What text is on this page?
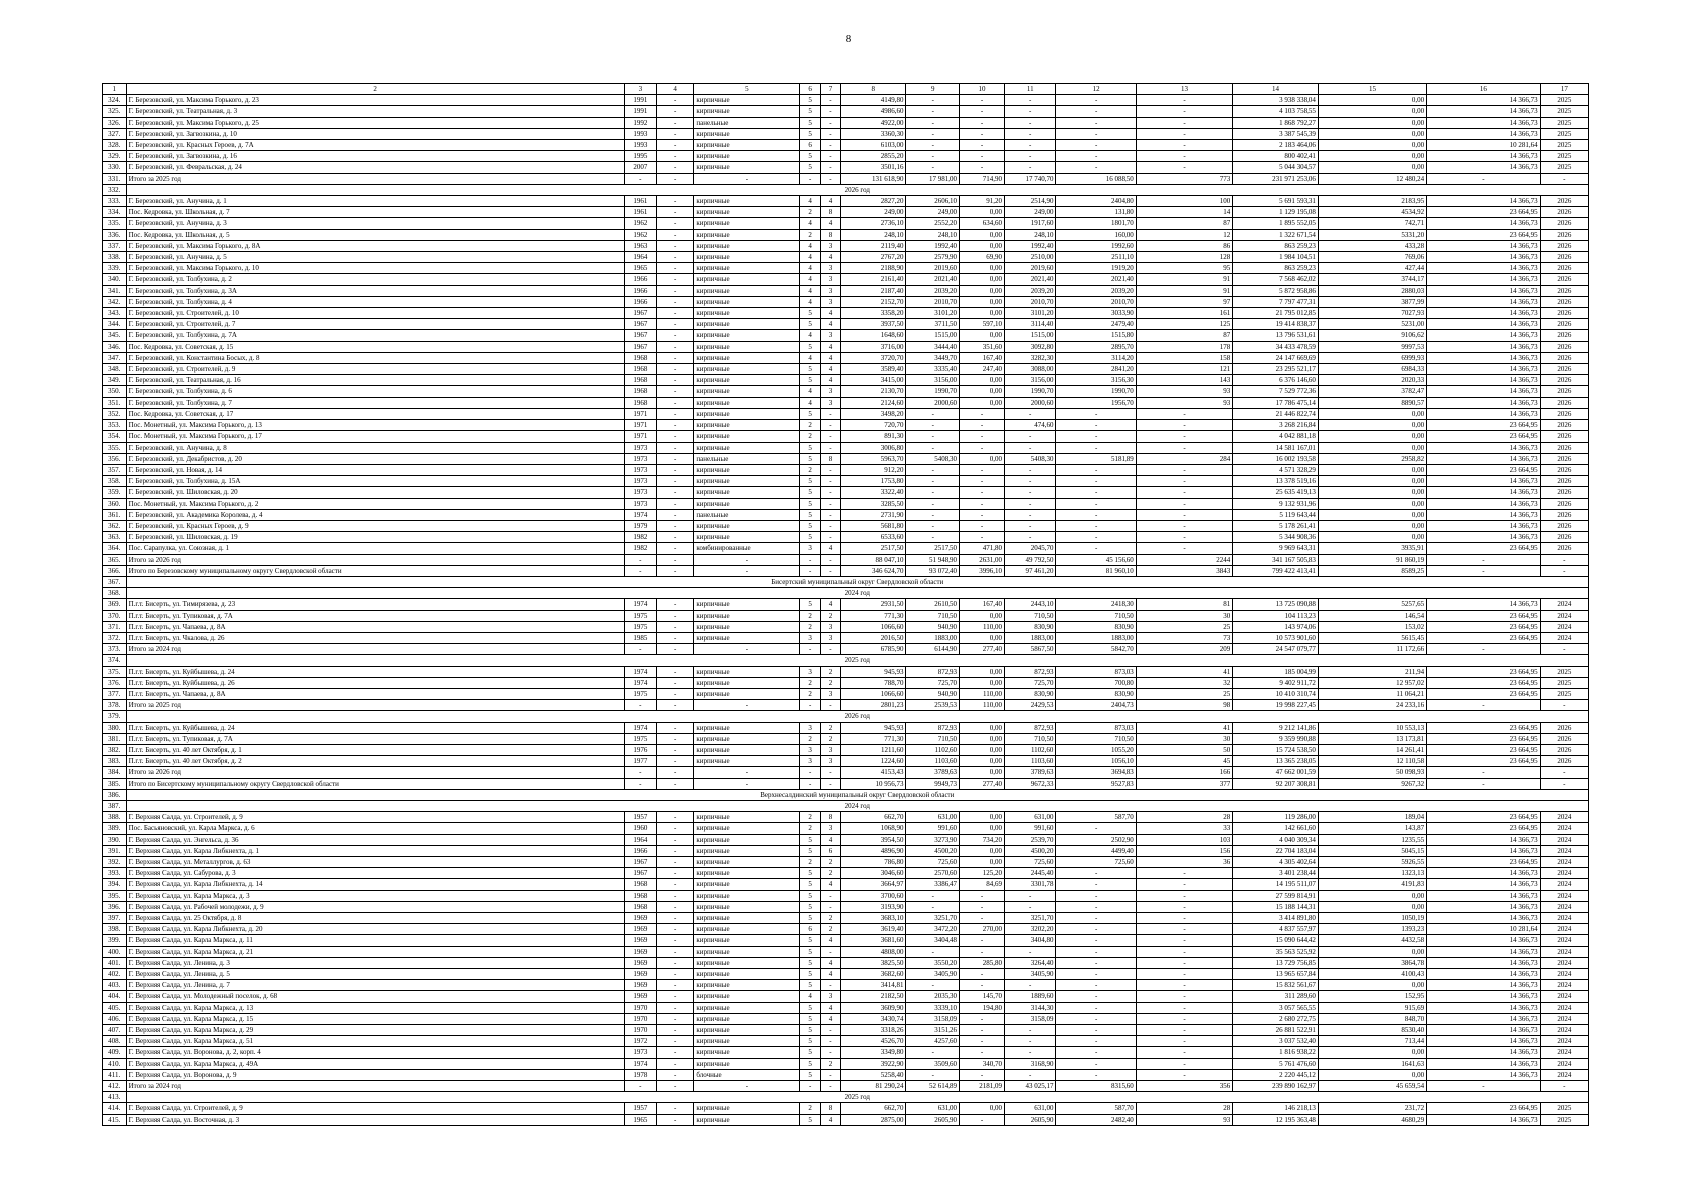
8
1	2	3	4	5	6	7	8	9	10	11	12	13	14	15	16	17
324.	Г. Березовский, ул. Максима Горького, д. 23	1991	-	кирпичные	5	-	4149,80	-	-	-	-	-	3 938 338,04	0,00	14 366,73	2025
325.	Г. Березовский, ул. Театральная, д. 3	1991	-	кирпичные	5	-	4986,60	-	-	-	-	-	4 103 758,55	0,00	14 366,73	2025
326.	Г. Березовский, ул. Максима Горького, д. 25	1992	-	панельные	5	-	4922,00	-	-	-	-	-	1 868 792,27	0,00	14 366,73	2025
327.	Г. Березовский, ул. Загвозкина, д. 10	1993	-	кирпичные	5	-	3360,30	-	-	-	-	-	3 387 545,39	0,00	14 366,73	2025
328.	Г. Березовский, ул. Красных Героев, д. 7А	1993	-	кирпичные	6	-	6103,00	-	-	-	-	-	2 183 464,06	0,00	10 281,64	2025
329.	Г. Березовский, ул. Загвозкина, д. 16	1995	-	кирпичные	5	-	2855,20	-	-	-	-	-	800 402,41	0,00	14 366,73	2025
330.	Г. Березовский, ул. Февральская, д. 24	2007	-	кирпичные	5	-	3501,16	-	-	-	-	-	5 044 304,57	0,00	14 366,73	2025
331.	Итого за 2025 год	-	-	-	-	-	131 618,90	17 981,00	714,90	17 740,70	16 088,50	773	231 971 253,06	12 480,24	-	-
332.	2026 год															
333.	Г. Березовский, ул. Анучина, д. 1	1961	-	кирпичные	4	4	2827,20	2606,10	91,20	2514,90	2404,80	100	5 691 593,31	2183,95	14 366,73	2026
334.	Пос. Кедровка, ул. Школьная, д. 7	1961	-	кирпичные	2	8	249,00	249,00	0,00	249,00	131,80	14	1 129 195,08	4534,92	23 664,95	2026
335.	Г. Березовский, ул. Анучина, д. 3	1962	-	кирпичные	4	4	2736,10	2552,20	634,60	1917,60	1801,70	87	1 895 552,05	742,71	14 366,73	2026
336.	Пос. Кедровка, ул. Школьная, д. 5	1962	-	кирпичные	2	8	248,10	248,10	0,00	248,10	160,00	12	1 322 671,54	5331,20	23 664,95	2026
337.	Г. Березовский, ул. Максима Горького, д. 8А	1963	-	кирпичные	4	3	2119,40	1992,40	0,00	1992,40	1992,60	86	863 259,23	433,28	14 366,73	2026
338.	Г. Березовский, ул. Анучина, д. 5	1964	-	кирпичные	4	4	2767,20	2579,90	69,90	2510,00	2511,10	128	1 984 104,51	769,06	14 366,73	2026
339.	Г. Березовский, ул. Максима Горького, д. 10	1965	-	кирпичные	4	3	2188,90	2019,60	0,00	2019,60	1919,20	95	863 259,23	427,44	14 366,73	2026
340.	Г. Березовский, ул. Толбухина, д. 2	1966	-	кирпичные	4	3	2161,40	2021,40	0,00	2021,40	2021,40	91	7 568 462,02	3744,17	14 366,73	2026
341.	Г. Березовский, ул. Толбухина, д. 3А	1966	-	кирпичные	4	3	2187,40	2039,20	0,00	2039,20	2039,20	91	5 872 958,86	2880,03	14 366,73	2026
342.	Г. Березовский, ул. Толбухина, д. 4	1966	-	кирпичные	4	3	2152,70	2010,70	0,00	2010,70	2010,70	97	7 797 477,31	3877,99	14 366,73	2026
343.	Г. Березовский, ул. Строителей, д. 10	1967	-	кирпичные	5	4	3358,20	3101,20	0,00	3101,20	3033,90	161	21 795 012,85	7027,93	14 366,73	2026
344.	Г. Березовский, ул. Строителей, д. 7	1967	-	кирпичные	5	4	3937,50	3711,50	597,10	3114,40	2479,40	125	19 414 838,37	5231,00	14 366,73	2026
345.	Г. Березовский, ул. Толбухина, д. 7А	1967	-	кирпичные	4	3	1648,60	1515,00	0,00	1515,00	1515,80	87	13 796 531,61	9106,62	14 366,73	2026
346.	Пос. Кедровка, ул. Советская, д. 15	1967	-	кирпичные	5	4	3716,00	3444,40	351,60	3092,80	2895,70	178	34 433 478,59	9997,53	14 366,73	2026
347.	Г. Березовский, ул. Константина Босых, д. 8	1968	-	кирпичные	4	4	3720,70	3449,70	167,40	3282,30	3114,20	158	24 147 669,69	6999,93	14 366,73	2026
348.	Г. Березовский, ул. Строителей, д. 9	1968	-	кирпичные	5	4	3589,40	3335,40	247,40	3088,00	2841,20	121	23 295 521,17	6984,33	14 366,73	2026
349.	Г. Березовский, ул. Театральная, д. 16	1968	-	кирпичные	5	4	3415,00	3156,00	0,00	3156,00	3156,30	143	6 376 146,60	2020,33	14 366,73	2026
350.	Г. Березовский, ул. Толбухина, д. 6	1968	-	кирпичные	4	3	2130,70	1990,70	0,00	1990,70	1990,70	93	7 529 772,36	3782,47	14 366,73	2026
351.	Г. Березовский, ул. Толбухина, д. 7	1968	-	кирпичные	4	3	2124,60	2000,60	0,00	2000,60	1956,70	93	17 786 475,14	8890,57	14 366,73	2026
352.	Пос. Кедровка, ул. Советская, д. 17	1971	-	кирпичные	5	-	3498,20	-	-	-	-	-	21 446 822,74	0,00	14 366,73	2026
353.	Пос. Монетный, ул. Максима Горького, д. 13	1971	-	кирпичные	2	-	720,70	-	-	474,60	-	-	3 268 216,84	0,00	23 664,95	2026
354.	Пос. Монетный, ул. Максима Горького, д. 17	1971	-	кирпичные	2	-	891,30	-	-	-	-	-	4 042 881,18	0,00	23 664,95	2026
355.	Г. Березовский, ул. Анучина, д. 8	1973	-	кирпичные	5	-	3006,80	-	-	-	-	-	14 581 167,01	0,00	14 366,73	2026
356.	Г. Березовский, ул. Декабристов, д. 20	1973	-	панельные	5	8	5963,70	5408,30	0,00	5408,30	5181,89	284	16 002 193,58	2958,82	14 366,73	2026
357.	Г. Березовский, ул. Новая, д. 14	1973	-	кирпичные	2	-	912,20	-	-	-	-	-	4 571 328,29	0,00	23 664,95	2026
358.	Г. Березовский, ул. Толбухина, д. 15А	1973	-	кирпичные	5	-	1753,80	-	-	-	-	-	13 378 519,16	0,00	14 366,73	2026
359.	Г. Березовский, ул. Шиловская, д. 20	1973	-	кирпичные	5	-	3322,40	-	-	-	-	-	25 635 419,13	0,00	14 366,73	2026
360.	Пос. Монетный, ул. Максима Горького, д. 2	1973	-	кирпичные	5	-	3285,50	-	-	-	-	-	9 132 931,96	0,00	14 366,73	2026
361.	Г. Березовский, ул. Академика Королева, д. 4	1974	-	панельные	5	-	2731,90	-	-	-	-	-	5 119 643,44	0,00	14 366,73	2026
362.	Г. Березовский, ул. Красных Героев, д. 9	1979	-	кирпичные	5	-	5681,80	-	-	-	-	-	5 178 261,41	0,00	14 366,73	2026
363.	Г. Березовский, ул. Шиловская, д. 19	1982	-	кирпичные	5	-	6533,60	-	-	-	-	-	5 344 908,36	0,00	14 366,73	2026
364.	Пос. Сарапулка, ул. Союзная, д. 1	1982	-	комбинированные	3	4	2517,50	2517,50	471,80	2045,70	-	-	9 969 643,31	3935,91	23 664,95	2026
365.	Итого за 2026 год	-	-	-	-	-	88 047,10	51 948,90	2631,00	49 792,50	45 156,60	2244	341 167 505,83	91 860,19	-	-
366.	Итого по Березовскому муниципальному округу Свердловской области	-	-	-	-	-	346 624,70	93 072,40	3996,10	97 461,20	81 960,10	3843	799 422 413,41	8589,25	-	-
367.	Бисертский муниципальный округ Свердловской области															
368.	2024 год															
369.	П.г.т. Бисерть, ул. Тимирязева, д. 23	1974	-	кирпичные	5	4	2931,50	2610,50	167,40	2443,10	2418,30	81	13 725 090,88	5257,65	14 366,73	2024
370.	П.г.т. Бисерть, ул. Тупиковая, д. 7А	1975	-	кирпичные	2	2	771,30	710,50	0,00	710,50	710,50	30	104 113,23	146,54	23 664,95	2024
371.	П.г.т. Бисерть, ул. Чапаева, д. 8А	1975	-	кирпичные	2	3	1066,60	940,90	110,00	830,90	830,90	25	143 974,06	153,02	23 664,95	2024
372.	П.г.т. Бисерть, ул. Чкалова, д. 26	1985	-	кирпичные	3	3	2016,50	1883,00	0,00	1883,00	1883,00	73	10 573 901,60	5615,45	23 664,95	2024
373.	Итого за 2024 год	-	-	-	-	-	6785,90	6144,90	277,40	5867,50	5842,70	209	24 547 079,77	11 172,66	-	-
374.	2025 год															
375.	П.г.т. Бисерть, ул. Куйбышева, д. 24	1974	-	кирпичные	3	2	945,93	872,93	0,00	872,93	873,03	41	185 004,99	211,94	23 664,95	2025
376.	П.г.т. Бисерть, ул. Куйбышева, д. 26	1974	-	кирпичные	2	2	788,70	725,70	0,00	725,70	700,80	32	9 402 911,72	12 957,02	23 664,95	2025
377.	П.г.т. Бисерть, ул. Чапаева, д. 8А	1975	-	кирпичные	2	3	1066,60	940,90	110,00	830,90	830,90	25	10 410 310,74	11 064,21	23 664,95	2025
378.	Итого за 2025 год	-	-	-	-	-	2801,23	2539,53	110,00	2429,53	2404,73	98	19 998 227,45	24 233,16	-	-
379.	2026 год															
380.	П.г.т. Бисерть, ул. Куйбышева, д. 24	1974	-	кирпичные	3	2	945,93	872,93	0,00	872,93	873,03	41	9 212 141,86	10 553,13	23 664,95	2026
381.	П.г.т. Бисерть, ул. Тупиковая, д. 7А	1975	-	кирпичные	2	2	771,30	710,50	0,00	710,50	710,50	30	9 359 990,88	13 173,81	23 664,95	2026
382.	П.г.т. Бисерть, ул. 40 лет Октября, д. 1	1976	-	кирпичные	3	3	1211,60	1102,60	0,00	1102,60	1055,20	50	15 724 538,50	14 261,41	23 664,95	2026
383.	П.г.т. Бисерть, ул. 40 лет Октября, д. 2	1977	-	кирпичные	3	3	1224,60	1103,60	0,00	1103,60	1056,10	45	13 365 238,05	12 110,58	23 664,95	2026
384.	Итого за 2026 год	-	-	-	-	-	4153,43	3789,63	0,00	3789,63	3694,83	166	47 662 001,59	50 098,93	-	-
385.	Итого по Бисертскому муниципальному округу Свердловской области	-	-	-	-	-	10 956,73	9949,73	277,40	9672,33	9527,83	377	92 207 308,81	9267,32	-	-
386.	Верхнесалдинский муниципальный округ Свердловской области															
387.	2024 год															
388.	Г. Верхняя Салда, ул. Строителей, д. 9	1957	-	кирпичные	2	8	662,70	631,00	0,00	631,00	587,70	28	119 286,00	189,04	23 664,95	2024
389.	Пос. Басьяновский, ул. Карла Маркса, д. 6	1960	-	кирпичные	2	3	1068,90	991,60	0,00	991,60	-	33	142 661,60	143,87	23 664,95	2024
390.	Г. Верхняя Салда, ул. Энгельса, д. 36	1964	-	кирпичные	5	4	3954,50	3273,90	734,20	2539,70	2502,90	103	4 040 309,34	1235,55	14 366,73	2024
391.	Г. Верхняя Салда, ул. Карла Либкнехта, д. 1	1966	-	кирпичные	5	6	4896,90	4500,20	0,00	4500,20	4499,40	156	22 704 183,04	5045,15	14 366,73	2024
392.	Г. Верхняя Салда, ул. Металлургов, д. 63	1967	-	кирпичные	2	2	786,80	725,60	0,00	725,60	725,60	36	4 305 402,64	5926,55	23 664,95	2024
393.	Г. Верхняя Салда, ул. Сабурова, д. 3	1967	-	кирпичные	5	2	3046,60	2570,60	125,20	2445,40	-	-	3 401 238,44	1323,13	14 366,73	2024
394.	Г. Верхняя Салда, ул. Карла Либкнехта, д. 14	1968	-	кирпичные	5	4	3664,97	3386,47	84,69	3301,78	-	-	14 195 511,07	4191,83	14 366,73	2024
395.	Г. Верхняя Салда, ул. Карла Маркса, д. 3	1968	-	кирпичные	5	-	3700,60	-	-	-	-	-	27 599 814,91	0,00	14 366,73	2024
396.	Г. Верхняя Салда, ул. Рабочей молодежи, д. 9	1968	-	кирпичные	5	-	3193,90	-	-	-	-	-	15 188 144,31	0,00	14 366,73	2024
397.	Г. Верхняя Салда, ул. 25 Октября, д. 8	1969	-	кирпичные	5	2	3683,10	3251,70	-	3251,70	-	-	3 414 891,80	1050,19	14 366,73	2024
398.	Г. Верхняя Салда, ул. Карла Либкнехта, д. 20	1969	-	кирпичные	6	2	3619,40	3472,20	270,00	3202,20	-	-	4 837 557,97	1393,23	10 281,64	2024
399.	Г. Верхняя Салда, ул. Карла Маркса, д. 11	1969	-	кирпичные	5	4	3681,60	3404,48	-	3404,80	-	-	15 090 644,42	4432,58	14 366,73	2024
400.	Г. Верхняя Салда, ул. Карла Маркса, д. 21	1969	-	кирпичные	5	-	4808,00	-	-	-	-	-	35 563 525,92	0,00	14 366,73	2024
401.	Г. Верхняя Салда, ул. Ленина, д. 3	1969	-	кирпичные	5	4	3825,50	3550,20	285,80	3264,40	-	-	13 729 756,85	3864,78	14 366,73	2024
402.	Г. Верхняя Салда, ул. Ленина, д. 5	1969	-	кирпичные	5	4	3682,60	3405,90	-	3405,90	-	-	13 965 657,84	4100,43	14 366,73	2024
403.	Г. Верхняя Салда, ул. Ленина, д. 7	1969	-	кирпичные	5	-	3414,81	-	-	-	-	-	15 832 561,67	0,00	14 366,73	2024
404.	Г. Верхняя Салда, ул. Молодежный поселок, д. 68	1969	-	кирпичные	4	3	2182,50	2035,30	145,70	1889,60	-	-	311 289,60	152,95	14 366,73	2024
405.	Г. Верхняя Салда, ул. Карла Маркса, д. 13	1970	-	кирпичные	5	4	3609,90	3339,10	194,80	3144,30	-	-	3 057 565,55	915,69	14 366,73	2024
406.	Г. Верхняя Салда, ул. Карла Маркса, д. 15	1970	-	кирпичные	5	4	3430,74	3158,09	-	3158,09	-	-	2 680 272,75	848,70	14 366,73	2024
407.	Г. Верхняя Салда, ул. Карла Маркса, д. 29	1970	-	кирпичные	5	-	3318,26	3151,26	-	-	-	-	26 881 522,91	8530,40	14 366,73	2024
408.	Г. Верхняя Салда, ул. Карла Маркса, д. 51	1972	-	кирпичные	5	-	4526,70	4257,60	-	-	-	-	3 037 532,40	713,44	14 366,73	2024
409.	Г. Верхняя Салда, ул. Воронова, д. 2, корп. 4	1973	-	кирпичные	5	-	3349,80	-	-	-	-	-	1 816 938,22	0,00	14 366,73	2024
410.	Г. Верхняя Салда, ул. Карла Маркса, д. 49А	1974	-	кирпичные	5	2	3922,90	3509,60	340,70	3168,90	-	-	5 761 476,60	1641,63	14 366,73	2024
411.	Г. Верхняя Салда, ул. Воронова, д. 9	1978	-	блочные	5	-	5258,40	-	-	-	-	-	2 220 445,12	0,00	14 366,73	2024
412.	Итого за 2024 год	-	-	-	-	-	81 290,24	52 614,89	2181,09	43 025,17	8315,60	356	239 890 162,97	45 659,54	-	-
413.	2025 год															
414.	Г. Верхняя Салда, ул. Строителей, д. 9	1957	-	кирпичные	2	8	662,70	631,00	0,00	631,00	587,70	28	146 218,13	231,72	23 664,95	2025
415.	Г. Верхняя Салда, ул. Восточная, д. 3	1965	-	кирпичные	5	4	2875,00	2605,90	-	2605,90	2482,40	93	12 195 363,48	4680,29	14 366,73	2025
